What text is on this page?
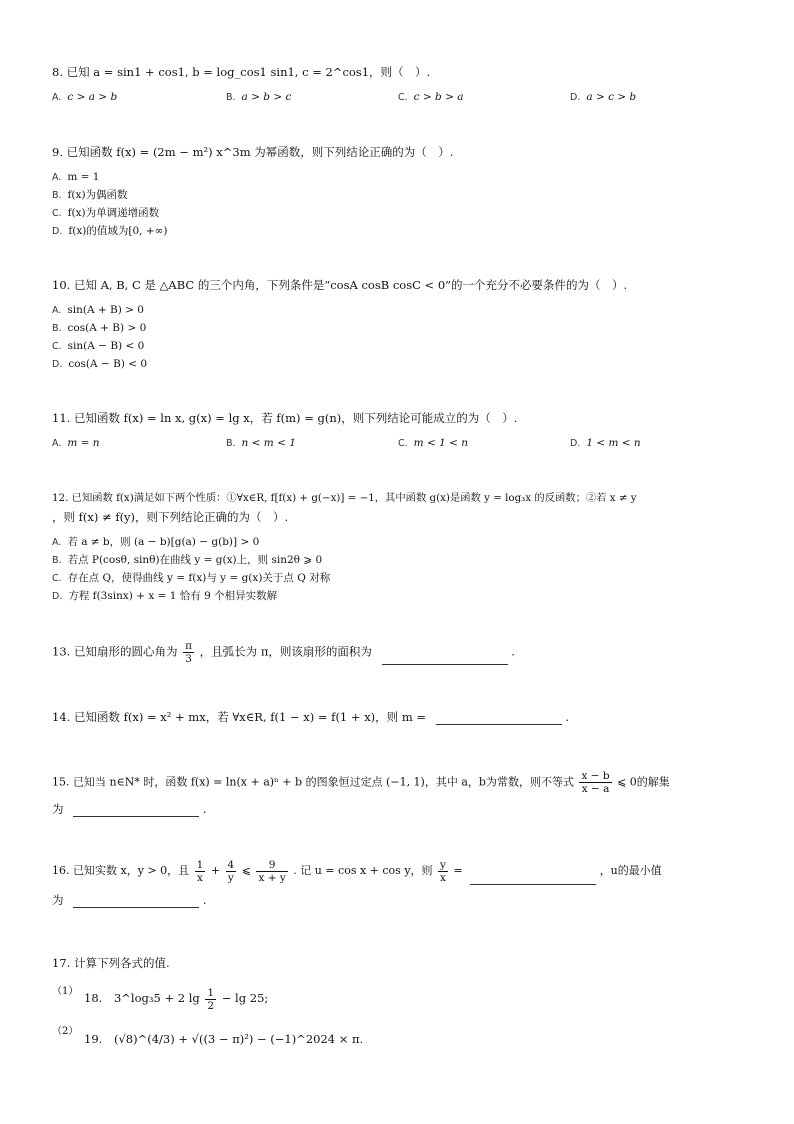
8. 已知 a = sin1 + cos1, b = log_cos1 sin1, c = 2^cos1，则（　）.
A. c > a > b	B. a > b > c	C. c > b > a	D. a > c > b
9. 已知函数 f(x) = (2m − m²) x^3m 为幂函数，则下列结论正确的为（　）.
A. m = 1
B. f(x)为偶函数
C. f(x)为单调递增函数
D. f(x)的值域为[0, +∞)
10. 已知 A, B, C 是 △ABC 的三个内角，下列条件是“cosA cosB cosC < 0”的一个充分不必要条件的为（　）.
A. sin(A + B) > 0
B. cos(A + B) > 0
C. sin(A − B) < 0
D. cos(A − B) < 0
11. 已知函数 f(x) = ln x, g(x) = lg x，若 f(m) = g(n)，则下列结论可能成立的为（　）.
A. m = n	B. n < m < 1	C. m < 1 < n	D. 1 < m < n
12. 已知函数 f(x)满足如下两个性质：①∀x∈R, f[f(x) + g(−x)] = −1，其中函数 g(x)是函数 y = log₃x 的反函数；②若 x ≠ y
，则 f(x) ≠ f(y)，则下列结论正确的为（　）.
A. 若 a ≠ b，则 (a − b)[g(a) − g(b)] > 0
B. 若点 P(cosθ, sinθ)在曲线 y = g(x)上，则 sin2θ ⩾ 0
C. 存在点 Q，使得曲线 y = f(x)与 y = g(x)关于点 Q 对称
D. 方程 f(3sinx) + x = 1 恰有 9 个相异实数解
13. 已知扇形的圆心角为 $\frac{\pi}{3}$ ，且弧长为 π，则该扇形的面积为	.
14. 已知函数 f(x) = x² + mx，若 ∀x∈R, f(1 − x) = f(1 + x)，则 m =	.
15. 已知当 n∈N* 时，函数 f(x) = ln(x + a)ⁿ + b 的图象恒过定点 (−1, 1)，其中 a，b为常数，则不等式 $\frac{x - b}{x - a}$ ⩽ 0的解集
为	.
16. 已知实数 x，y > 0，且 $\frac{1}{x} + \frac{4}{y}$ ⩽ $\frac{9}{x + y}$ . 记 u = cos x + cos y，则 $\frac{y}{x}$ =	，u的最小值
为	.
17. 计算下列各式的值.
（1） 18. 3^log₃5 + 2 $\lg \frac{1}{2} - \lg 25$;
（2）
19. (√8)^(4/3) + √((3 − π)²) − (−1)^2024 × π.
